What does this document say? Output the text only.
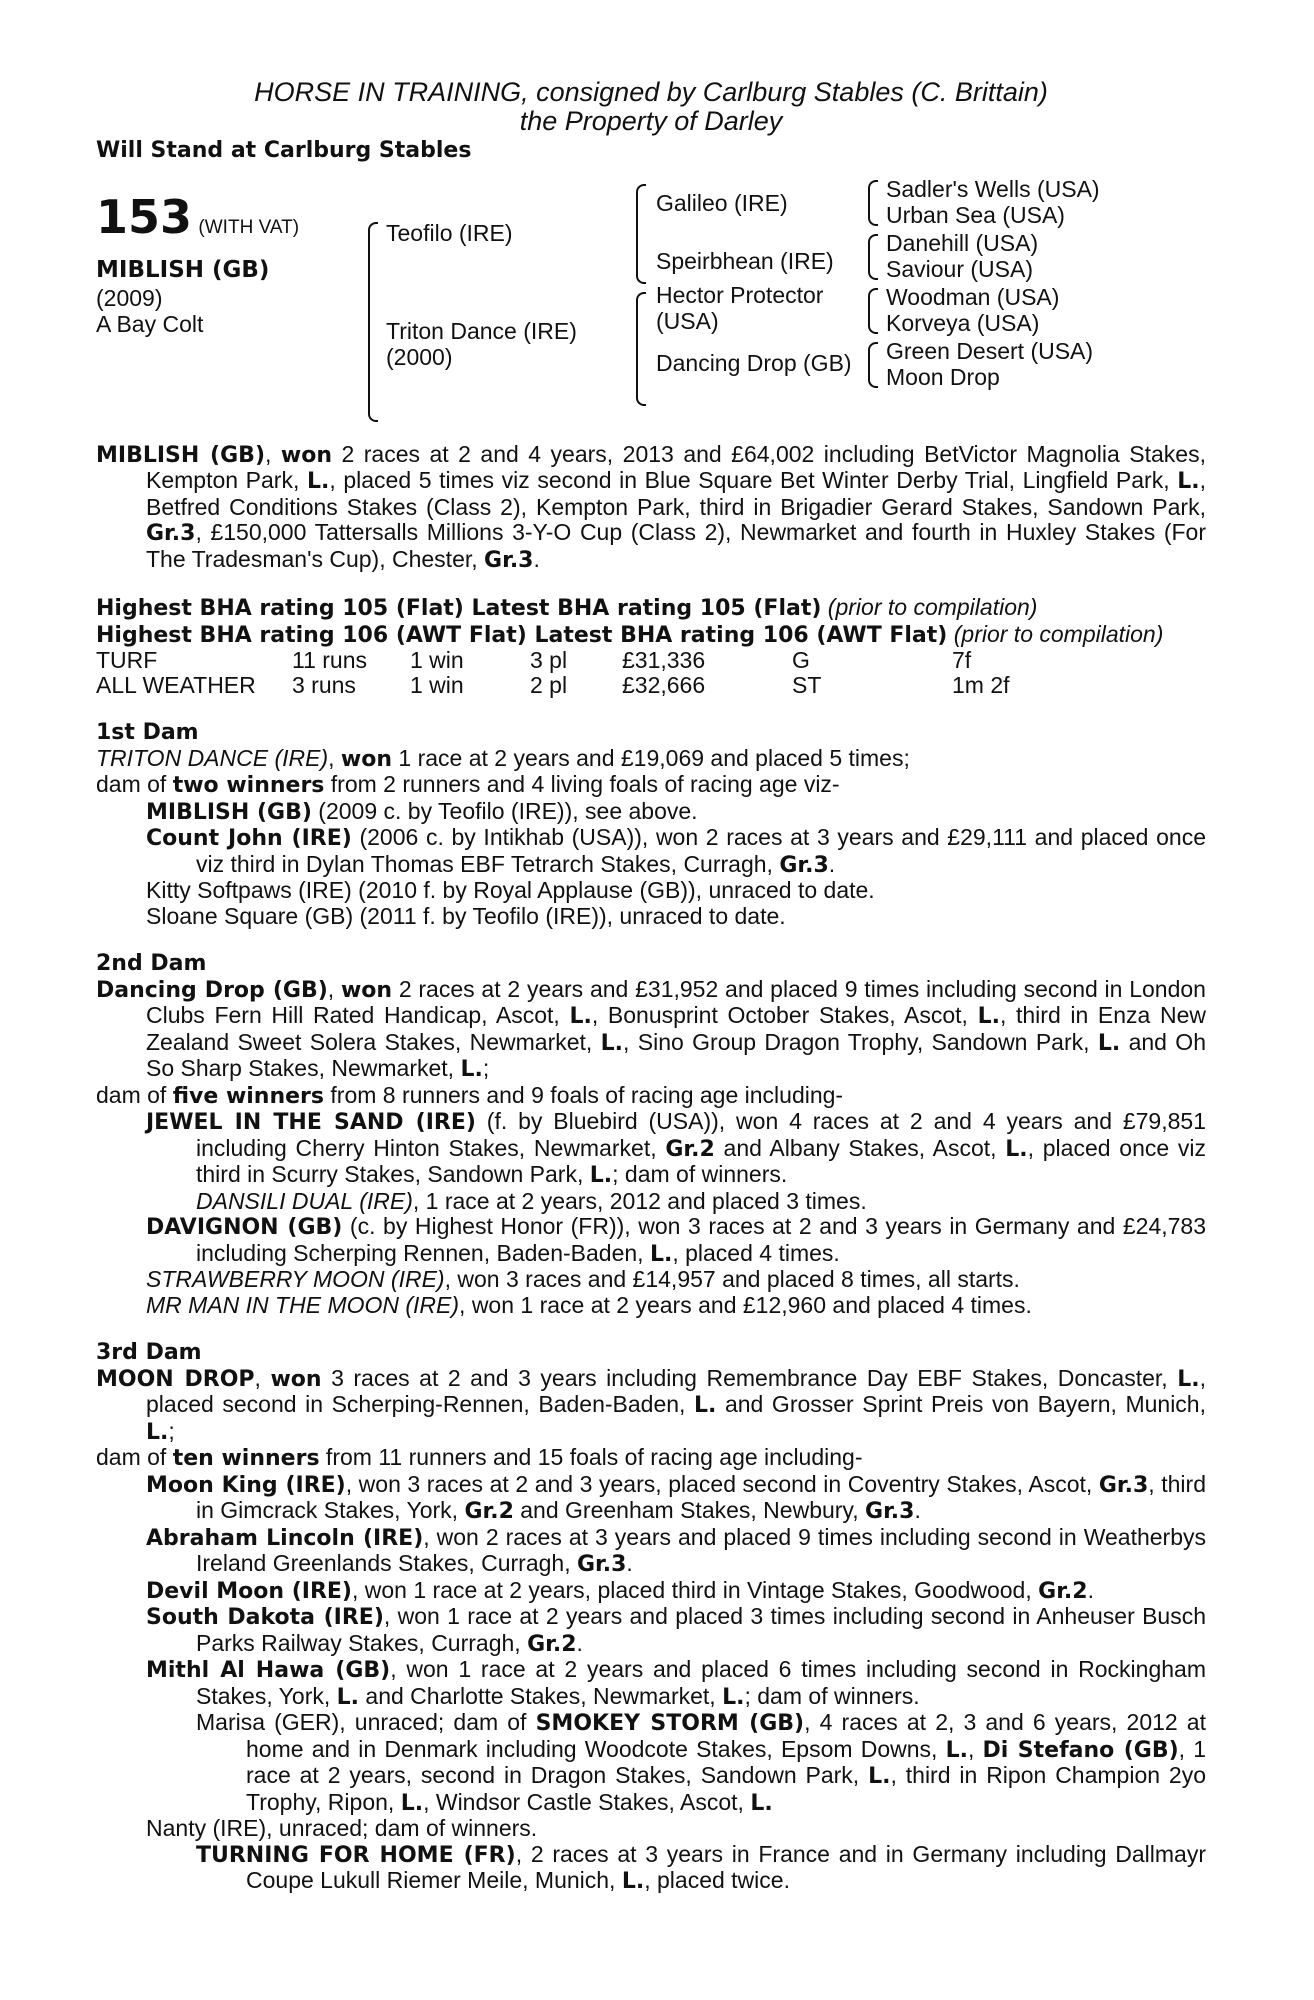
HORSE IN TRAINING, consigned by Carlburg Stables (C. Brittain)
the Property of Darley
Will Stand at Carlburg Stables
153 (WITH VAT)
MIBLISH (GB)
(2009)
A Bay Colt
Teofilo (IRE)
Triton Dance (IRE)
(2000)
Galileo (IRE)
Speirbhean (IRE)
Hector Protector
(USA)
Dancing Drop (GB)
Sadler's Wells (USA)
Urban Sea (USA)
Danehill (USA)
Saviour (USA)
Woodman (USA)
Korveya (USA)
Green Desert (USA)
Moon Drop
MIBLISH (GB), won 2 races at 2 and 4 years, 2013 and £64,002 including BetVictor Magnolia Stakes, Kempton Park, L., placed 5 times viz second in Blue Square Bet Winter Derby Trial, Lingfield Park, L., Betfred Conditions Stakes (Class 2), Kempton Park, third in Brigadier Gerard Stakes, Sandown Park, Gr.3, £150,000 Tattersalls Millions 3-Y-O Cup (Class 2), Newmarket and fourth in Huxley Stakes (For The Tradesman's Cup), Chester, Gr.3.
Highest BHA rating 105 (Flat) Latest BHA rating 105 (Flat) (prior to compilation)
Highest BHA rating 106 (AWT Flat) Latest BHA rating 106 (AWT Flat) (prior to compilation)
TURF	11 runs	1 win	3 pl	£31,336	G	7f
ALL WEATHER	3 runs	1 win	2 pl	£32,666	ST	1m 2f
1st Dam
TRITON DANCE (IRE), won 1 race at 2 years and £19,069 and placed 5 times;
dam of two winners from 2 runners and 4 living foals of racing age viz-
MIBLISH (GB) (2009 c. by Teofilo (IRE)), see above.
Count John (IRE) (2006 c. by Intikhab (USA)), won 2 races at 3 years and £29,111 and placed once viz third in Dylan Thomas EBF Tetrarch Stakes, Curragh, Gr.3.
Kitty Softpaws (IRE) (2010 f. by Royal Applause (GB)), unraced to date.
Sloane Square (GB) (2011 f. by Teofilo (IRE)), unraced to date.
2nd Dam
Dancing Drop (GB), won 2 races at 2 years and £31,952 and placed 9 times including second in London Clubs Fern Hill Rated Handicap, Ascot, L., Bonusprint October Stakes, Ascot, L., third in Enza New Zealand Sweet Solera Stakes, Newmarket, L., Sino Group Dragon Trophy, Sandown Park, L. and Oh So Sharp Stakes, Newmarket, L.;
dam of five winners from 8 runners and 9 foals of racing age including-
JEWEL IN THE SAND (IRE) (f. by Bluebird (USA)), won 4 races at 2 and 4 years and £79,851 including Cherry Hinton Stakes, Newmarket, Gr.2 and Albany Stakes, Ascot, L., placed once viz third in Scurry Stakes, Sandown Park, L.; dam of winners.
DANSILI DUAL (IRE), 1 race at 2 years, 2012 and placed 3 times.
DAVIGNON (GB) (c. by Highest Honor (FR)), won 3 races at 2 and 3 years in Germany and £24,783 including Scherping Rennen, Baden-Baden, L., placed 4 times.
STRAWBERRY MOON (IRE), won 3 races and £14,957 and placed 8 times, all starts.
MR MAN IN THE MOON (IRE), won 1 race at 2 years and £12,960 and placed 4 times.
3rd Dam
MOON DROP, won 3 races at 2 and 3 years including Remembrance Day EBF Stakes, Doncaster, L., placed second in Scherping-Rennen, Baden-Baden, L. and Grosser Sprint Preis von Bayern, Munich, L.;
dam of ten winners from 11 runners and 15 foals of racing age including-
Moon King (IRE), won 3 races at 2 and 3 years, placed second in Coventry Stakes, Ascot, Gr.3, third in Gimcrack Stakes, York, Gr.2 and Greenham Stakes, Newbury, Gr.3.
Abraham Lincoln (IRE), won 2 races at 3 years and placed 9 times including second in Weatherbys Ireland Greenlands Stakes, Curragh, Gr.3.
Devil Moon (IRE), won 1 race at 2 years, placed third in Vintage Stakes, Goodwood, Gr.2.
South Dakota (IRE), won 1 race at 2 years and placed 3 times including second in Anheuser Busch Parks Railway Stakes, Curragh, Gr.2.
Mithl Al Hawa (GB), won 1 race at 2 years and placed 6 times including second in Rockingham Stakes, York, L. and Charlotte Stakes, Newmarket, L.; dam of winners.
Marisa (GER), unraced; dam of SMOKEY STORM (GB), 4 races at 2, 3 and 6 years, 2012 at home and in Denmark including Woodcote Stakes, Epsom Downs, L., Di Stefano (GB), 1 race at 2 years, second in Dragon Stakes, Sandown Park, L., third in Ripon Champion 2yo Trophy, Ripon, L., Windsor Castle Stakes, Ascot, L.
Nanty (IRE), unraced; dam of winners.
TURNING FOR HOME (FR), 2 races at 3 years in France and in Germany including Dallmayr Coupe Lukull Riemer Meile, Munich, L., placed twice.
